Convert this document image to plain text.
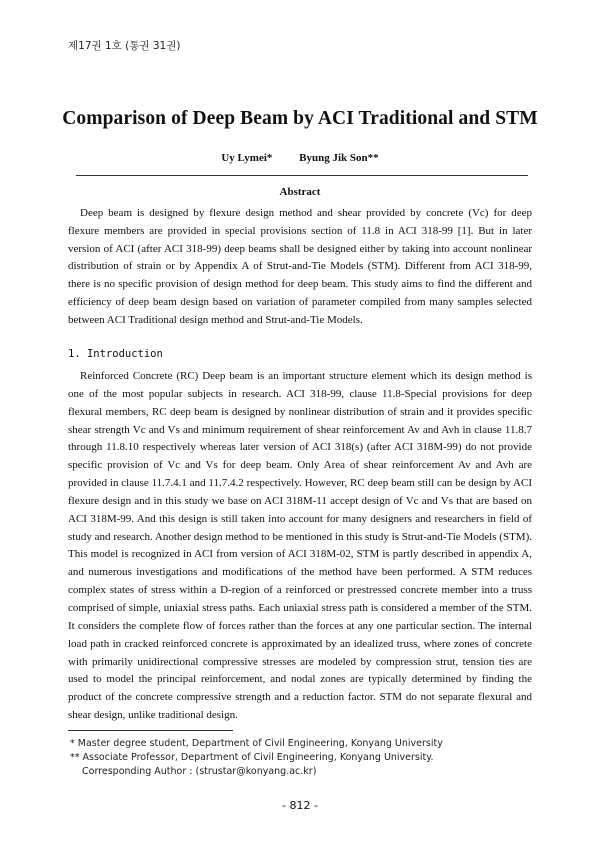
제17권 1호 (통권 31권)
Comparison of Deep Beam by ACI Traditional and STM
Uy Lymei* Byung Jik Son**
Abstract
Deep beam is designed by flexure design method and shear provided by concrete (Vc) for deep flexure members are provided in special provisions section of 11.8 in ACI 318-99 [1]. But in later version of ACI (after ACI 318-99) deep beams shall be designed either by taking into account nonlinear distribution of strain or by Appendix A of Strut-and-Tie Models (STM). Different from ACI 318-99, there is no specific provision of design method for deep beam. This study aims to find the different and efficiency of deep beam design based on variation of parameter compiled from many samples selected between ACI Traditional design method and Strut-and-Tie Models.
1. Introduction
Reinforced Concrete (RC) Deep beam is an important structure element which its design method is one of the most popular subjects in research. ACI 318-99, clause 11.8-Special provisions for deep flexural members, RC deep beam is designed by nonlinear distribution of strain and it provides specific shear strength Vc and Vs and minimum requirement of shear reinforcement Av and Avh in clause 11.8.7 through 11.8.10 respectively whereas later version of ACI 318(s) (after ACI 318M-99) do not provide specific provision of Vc and Vs for deep beam. Only Area of shear reinforcement Av and Avh are provided in clause 11.7.4.1 and 11.7.4.2 respectively. However, RC deep beam still can be design by ACI flexure design and in this study we base on ACI 318M-11 accept design of Vc and Vs that are based on ACI 318M-99. And this design is still taken into account for many designers and researchers in field of study and research. Another design method to be mentioned in this study is Strut-and-Tie Models (STM). This model is recognized in ACI from version of ACI 318M-02, STM is partly described in appendix A, and numerous investigations and modifications of the method have been performed. A STM reduces complex states of stress within a D-region of a reinforced or prestressed concrete member into a truss comprised of simple, uniaxial stress paths. Each uniaxial stress path is considered a member of the STM. It considers the complete flow of forces rather than the forces at any one particular section. The internal load path in cracked reinforced concrete is approximated by an idealized truss, where zones of concrete with primarily unidirectional compressive stresses are modeled by compression strut, tension ties are used to model the principal reinforcement, and nodal zones are typically determined by finding the product of the concrete compressive strength and a reduction factor. STM do not separate flexural and shear design, unlike traditional design.
* Master degree student, Department of Civil Engineering, Konyang University
** Associate Professor, Department of Civil Engineering, Konyang University.
Corresponding Author : (strustar@konyang.ac.kr)
- 812 -
